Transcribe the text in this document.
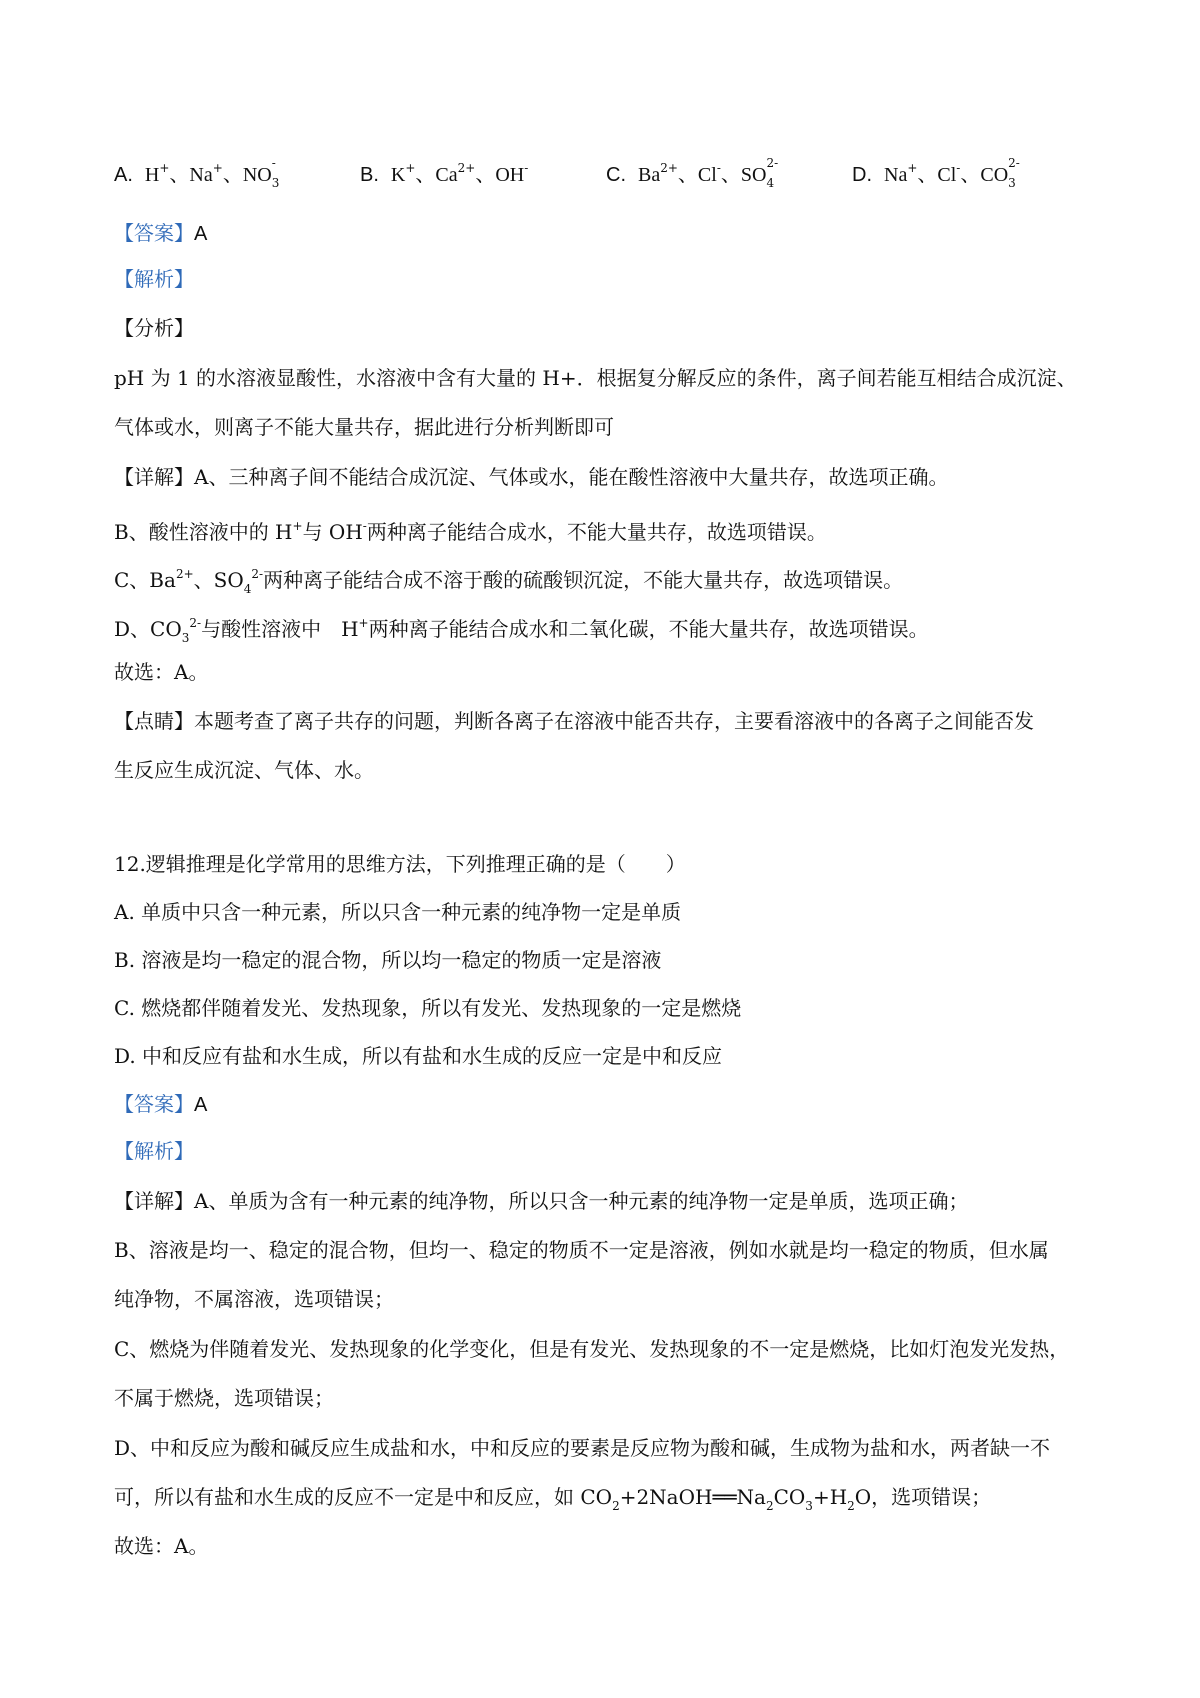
A. H+、Na+、NO
-
3	B. K+、$Ca^{2+}$、OH-	C. $Ba^{2+}$、Cl-、SO
2-
4	D. Na+、Cl-、CO
2-
3
【答案】A
【解析】
【分析】
pH 为 1 的水溶液显酸性，水溶液中含有大量的 H+．根据复分解反应的条件，离子间若能互相结合成沉淀、
气体或水，则离子不能大量共存，据此进行分析判断即可
【详解】A、三种离子间不能结合成沉淀、气体或水，能在酸性溶液中大量共存，故选项正确。
B、酸性溶液中的 H+与 OH-两种离子能结合成水，不能大量共存，故选项错误。
C、$Ba^{2+}$、$SO_4^{2-}$两种离子能结合成不溶于酸的硫酸钡沉淀，不能大量共存，故选项错误。
D、$CO_3^{2-}$与酸性溶液中　H+两种离子能结合成水和二氧化碳，不能大量共存，故选项错误。
故选：A。
【点睛】本题考查了离子共存的问题，判断各离子在溶液中能否共存，主要看溶液中的各离子之间能否发
生反应生成沉淀、气体、水。
12.逻辑推理是化学常用的思维方法，下列推理正确的是（　　）
A. 单质中只含一种元素，所以只含一种元素的纯净物一定是单质
B. 溶液是均一稳定的混合物，所以均一稳定的物质一定是溶液
C. 燃烧都伴随着发光、发热现象，所以有发光、发热现象的一定是燃烧
D. 中和反应有盐和水生成，所以有盐和水生成的反应一定是中和反应
【答案】A
【解析】
【详解】A、单质为含有一种元素的纯净物，所以只含一种元素的纯净物一定是单质，选项正确；
B、溶液是均一、稳定的混合物，但均一、稳定的物质不一定是溶液，例如水就是均一稳定的物质，但水属
纯净物，不属溶液，选项错误；
C、燃烧为伴随着发光、发热现象的化学变化，但是有发光、发热现象的不一定是燃烧，比如灯泡发光发热，
不属于燃烧，选项错误；
D、中和反应为酸和碱反应生成盐和水，中和反应的要素是反应物为酸和碱，生成物为盐和水，两者缺一不
可，所以有盐和水生成的反应不一定是中和反应，如 $CO_2+2NaOH══Na_2CO_3+H_2O$，选项错误；
故选：A。
